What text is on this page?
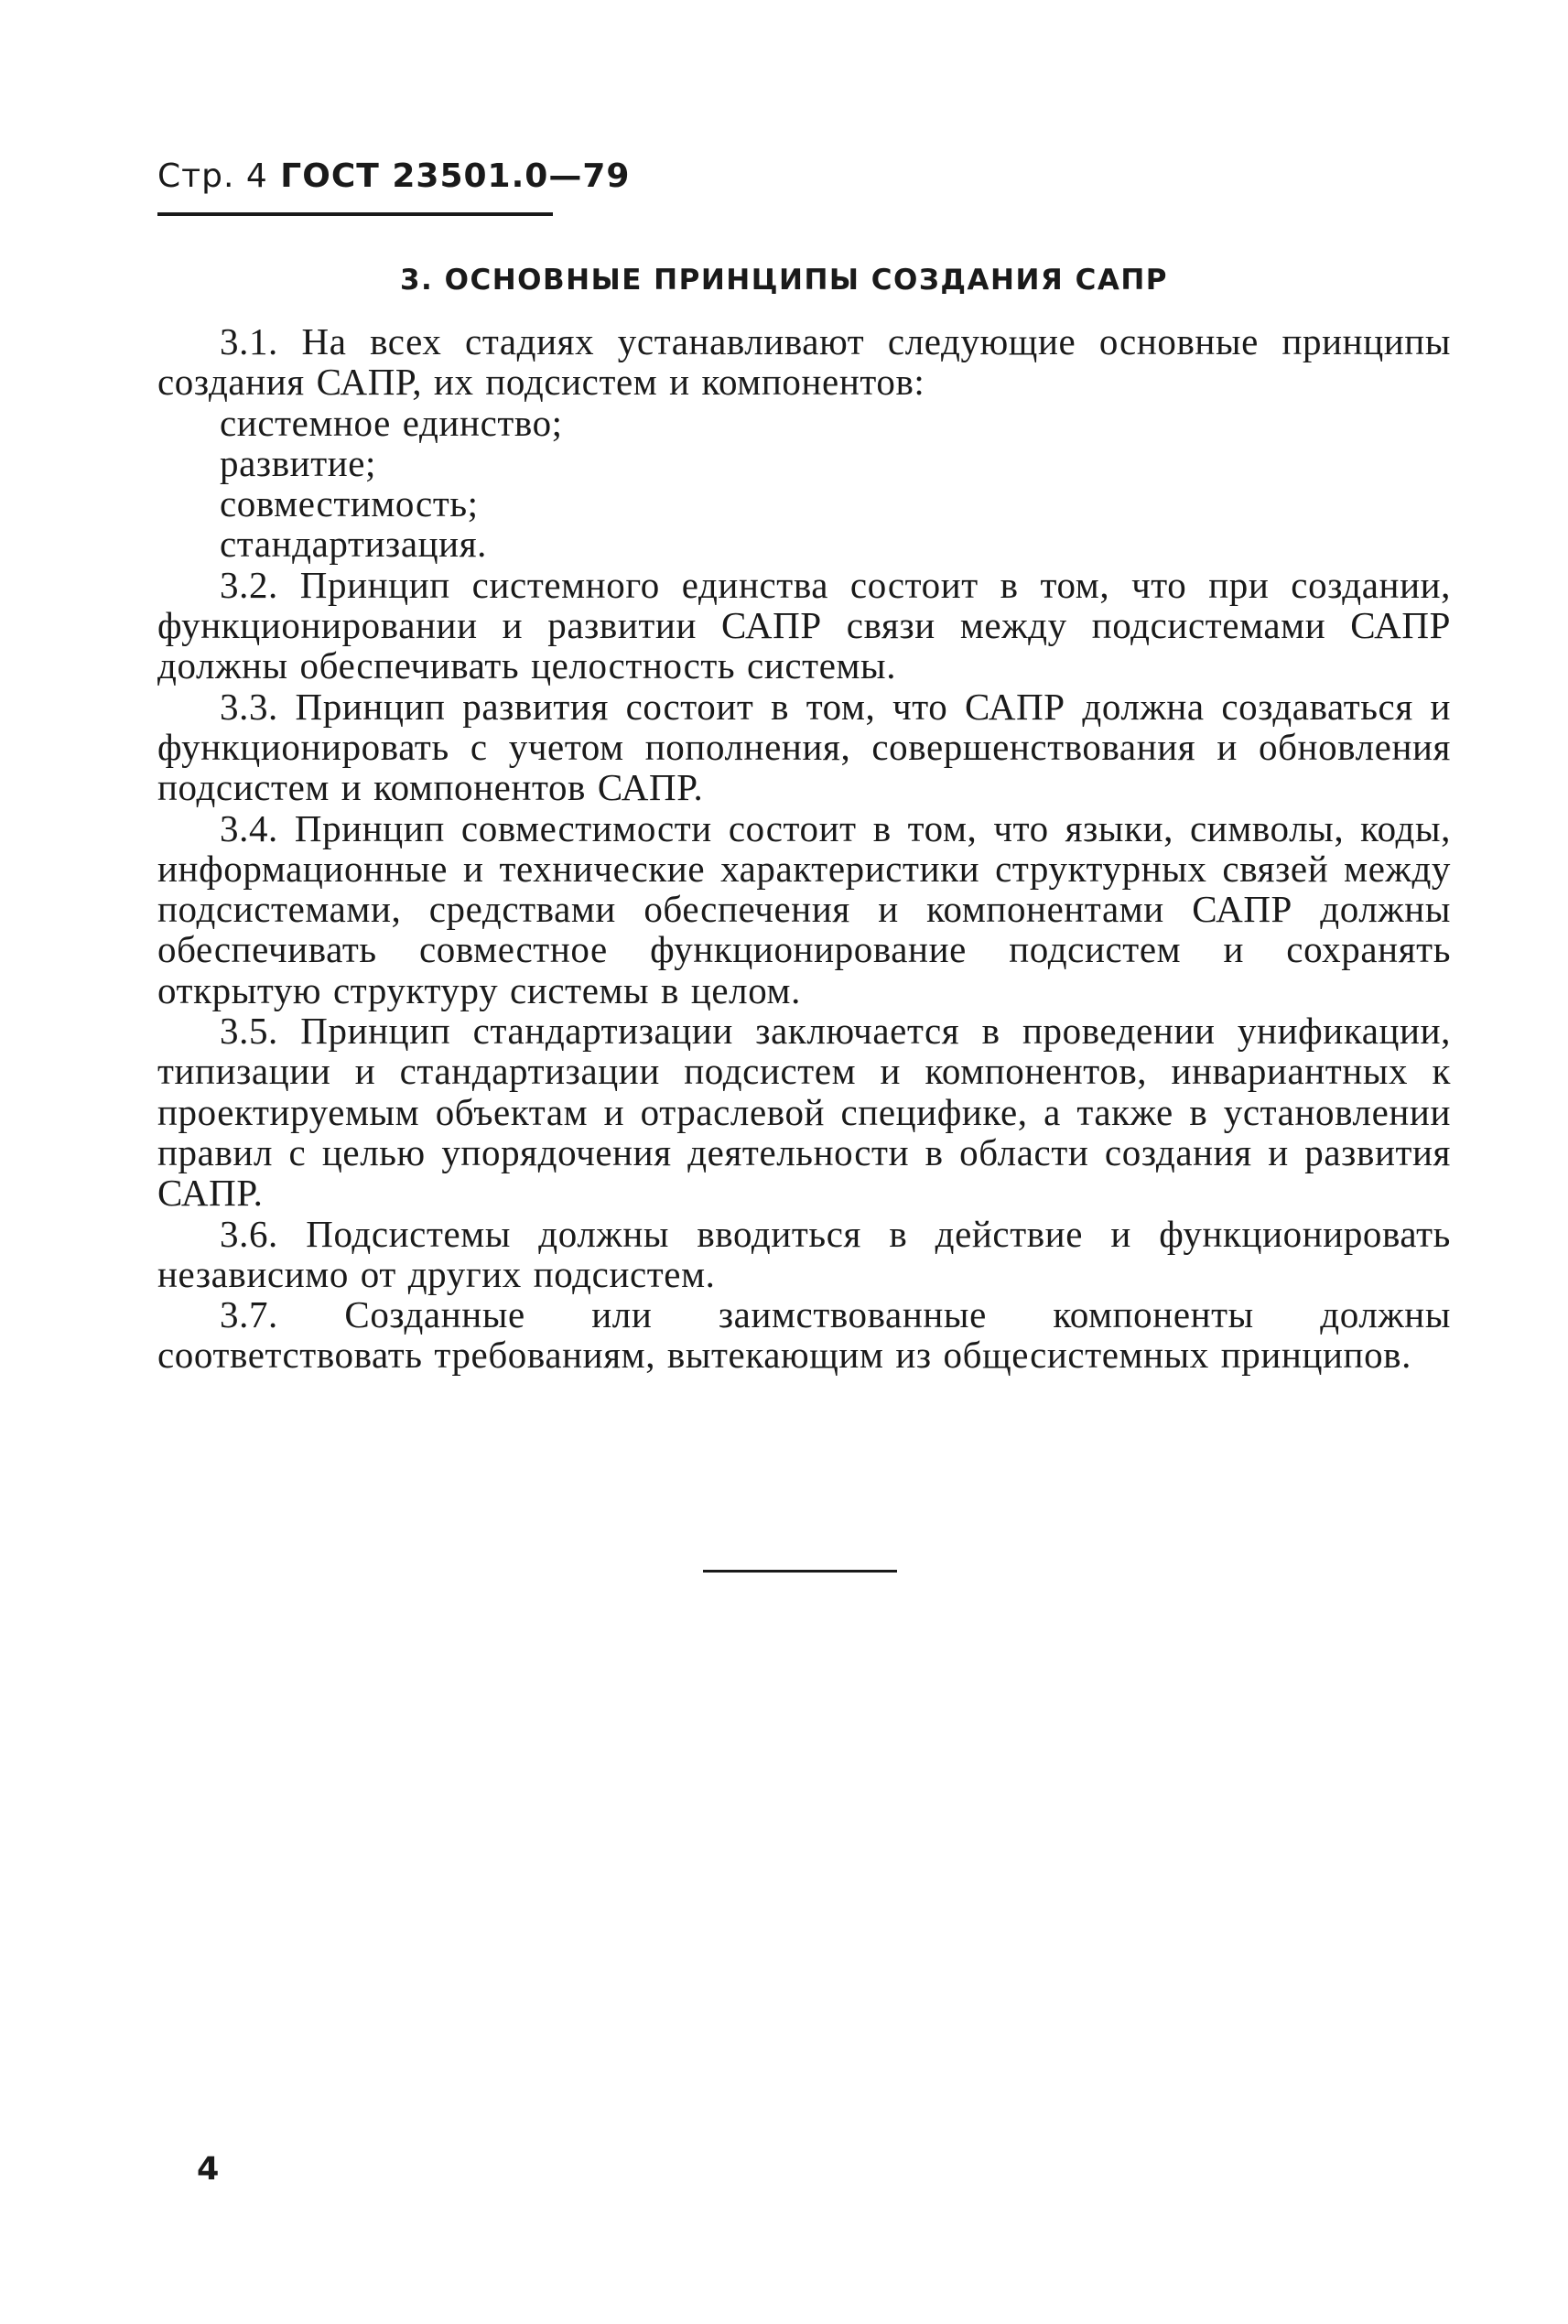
Стр. 4 ГОСТ 23501.0—79
3. ОСНОВНЫЕ ПРИНЦИПЫ СОЗДАНИЯ САПР

3.1. На всех стадиях устанавливают следующие основные принципы создания САПР, их подсистем и компонентов:

системное единство;

развитие;

совместимость;

стандартизация.

3.2. Принцип системного единства состоит в том, что при создании, функционировании и развитии САПР связи между подсистемами САПР должны обеспечивать целостность системы.

3.3. Принцип развития состоит в том, что САПР должна создаваться и функционировать с учетом пополнения, совершенствования и обновления подсистем и компонентов САПР.

3.4. Принцип совместимости состоит в том, что языки, символы, коды, информационные и технические характеристики структурных связей между подсистемами, средствами обеспечения и компонентами САПР должны обеспечивать совместное функционирование подсистем и сохранять открытую структуру системы в целом.

3.5. Принцип стандартизации заключается в проведении унификации, типизации и стандартизации подсистем и компонентов, инвариантных к проектируемым объектам и отраслевой специфике, а также в установлении правил с целью упорядочения деятельности в области создания и развития САПР.

3.6. Подсистемы должны вводиться в действие и функционировать независимо от других подсистем.

3.7. Созданные или заимствованные компоненты должны соответствовать требованиям, вытекающим из общесистемных принципов.

4
